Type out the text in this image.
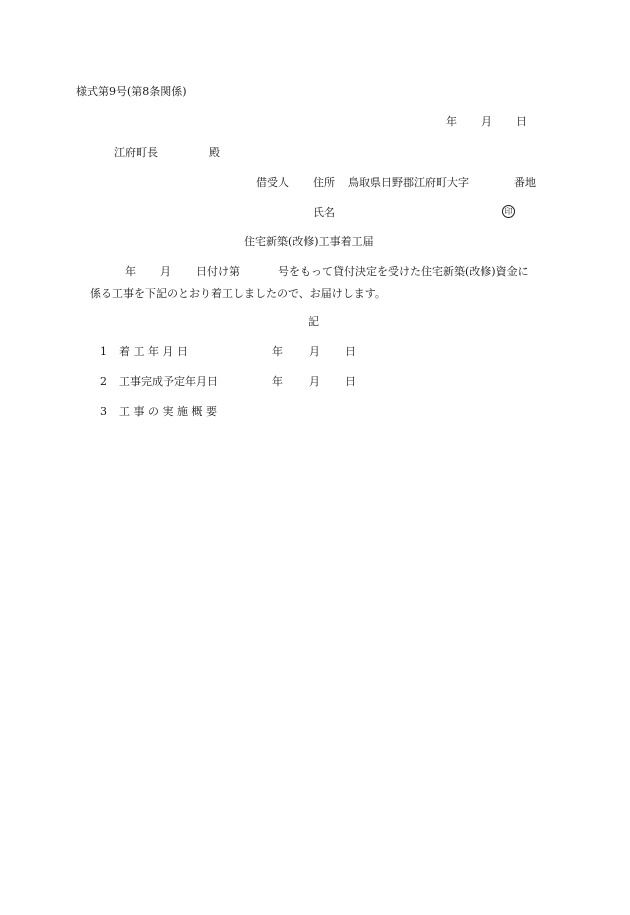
様式第9号(第8条関係)
年 月 日
江府町長	殿
借受人 住所 鳥取県日野郡江府町大字	番地
氏名	印
住宅新築(改修)工事着工届
年 月 日付け第	号をもって貸付決定を受けた住宅新築(改修)資金に
係る工事を下記のとおり着工しましたので、お届けします。
記
1 着 工 年 月 日	年 月 日
2 工事完成予定年月日	年 月 日
3 工 事 の 実 施 概 要
